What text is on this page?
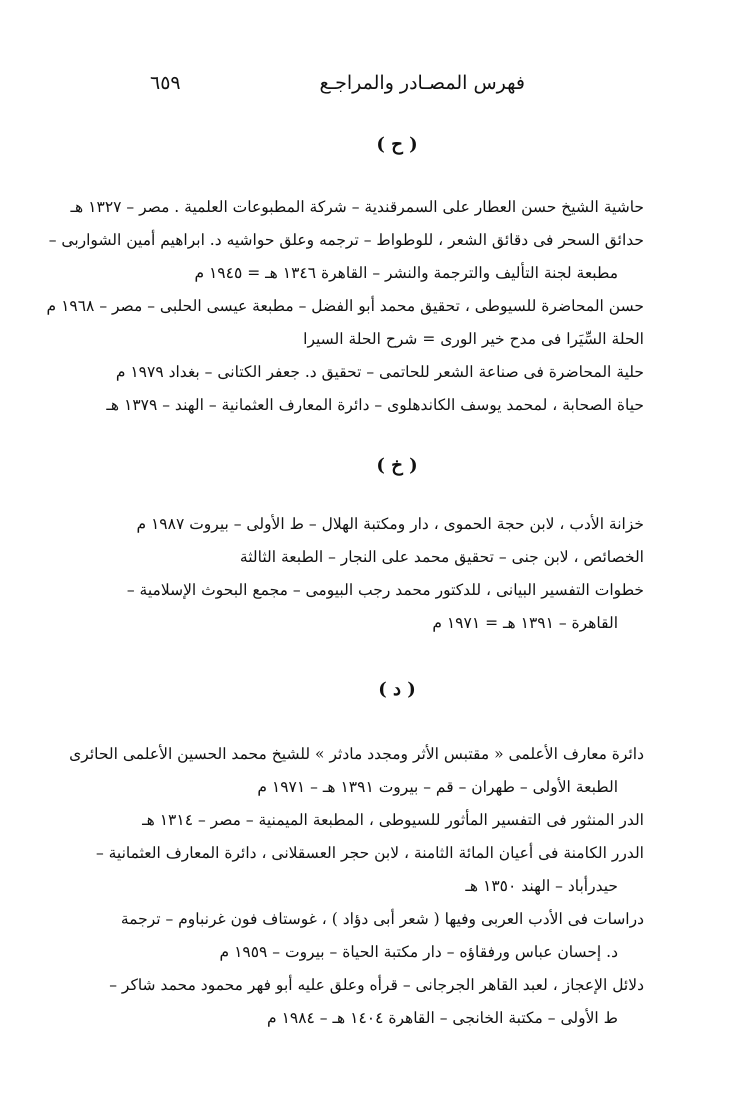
فهرس المصـادر والمراجـع
٦٥٩
( ح )
حاشية الشيخ حسن العطار على السمرقندية – شركة المطبوعات العلمية . مصر – ١٣٢٧ هـ
حدائق السحر فى دقائق الشعر ، للوطواط – ترجمه وعلق حواشيه د. ابراهيم أمين الشواربى –
مطبعة لجنة التأليف والترجمة والنشر – القاهرة ١٣٤٦ هـ = ١٩٤٥ م
حسن المحاضرة للسيوطى ، تحقيق محمد أبو الفضل – مطبعة عيسى الحلبى – مصر – ١٩٦٨ م
الحلة السِّيَرا فى مدح خير الورى = شرح الحلة السيرا
حلية المحاضرة فى صناعة الشعر للحاتمى – تحقيق د. جعفر الكتانى – بغداد ١٩٧٩ م
حياة الصحابة ، لمحمد يوسف الكاندهلوى – دائرة المعارف العثمانية – الهند – ١٣٧٩ هـ
( خ )
خزانة الأدب ، لابن حجة الحموى ، دار ومكتبة الهلال – ط الأولى – بيروت ١٩٨٧ م
الخصائص ، لابن جنى – تحقيق محمد على النجار – الطبعة الثالثة
خطوات التفسير البيانى ، للدكتور محمد رجب البيومى – مجمع البحوث الإسلامية –
القاهرة – ١٣٩١ هـ = ١٩٧١ م
( د )
دائرة معارف الأعلمى « مقتبس الأثر ومجدد مادثر » للشيخ محمد الحسين الأعلمى الحائرى
الطبعة الأولى – طهران – قم – بيروت ١٣٩١ هـ – ١٩٧١ م
الدر المنثور فى التفسير المأثور للسيوطى ، المطبعة الميمنية – مصر – ١٣١٤ هـ
الدرر الكامنة فى أعيان المائة الثامنة ، لابن حجر العسقلانى ، دائرة المعارف العثمانية –
حيدرأباد – الهند ١٣٥٠ هـ
دراسات فى الأدب العربى وفيها ( شعر أبى دؤاد ) ، غوستاف فون غرنباوم – ترجمة
د. إحسان عباس ورفقاؤه – دار مكتبة الحياة – بيروت – ١٩٥٩ م
دلائل الإعجاز ، لعبد القاهر الجرجانى – قرأه وعلق عليه أبو فهر محمود محمد شاكر –
ط الأولى – مكتبة الخانجى – القاهرة ١٤٠٤ هـ – ١٩٨٤ م
